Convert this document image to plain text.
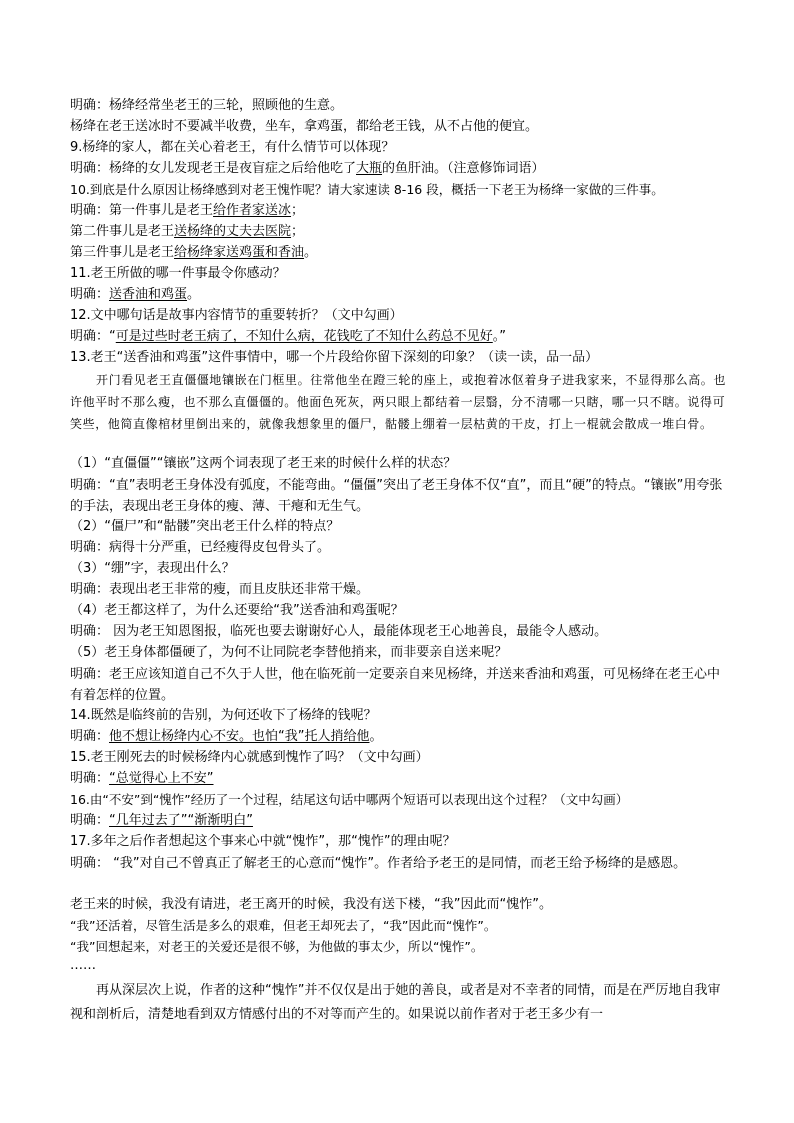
明确：杨绛经常坐老王的三轮，照顾他的生意。
杨绛在老王送冰时不要减半收费，坐车，拿鸡蛋，都给老王钱，从不占他的便宜。
9.杨绛的家人，都在关心着老王，有什么情节可以体现？
明确：杨绛的女儿发现老王是夜盲症之后给他吃了大瓶的鱼肝油。（注意修饰词语）
10.到底是什么原因让杨绛感到对老王愧怍呢？请大家速读 8-16 段，概括一下老王为杨绛一家做的三件事。
明确：第一件事儿是老王给作者家送冰；
第二件事儿是老王送杨绛的丈夫去医院；
第三件事儿是老王给杨绛家送鸡蛋和香油。
11.老王所做的哪一件事最令你感动？
明确：送香油和鸡蛋。
12.文中哪句话是故事内容情节的重要转折？（文中勾画）
明确：“可是过些时老王病了，不知什么病，花钱吃了不知什么药总不见好。”
13.老王“送香油和鸡蛋”这件事情中，哪一个片段给你留下深刻的印象？（读一读，品一品）
开门看见老王直僵僵地镶嵌在门框里。往常他坐在蹬三轮的座上，或抱着冰伛着身子进我家来，不显得那么高。也许他平时不那么瘦，也不那么直僵僵的。他面色死灰，两只眼上都结着一层翳，分不清哪一只瞎，哪一只不瞎。说得可笑些，他简直像棺材里倒出来的，就像我想象里的僵尸，骷髅上绷着一层枯黄的干皮，打上一棍就会散成一堆白骨。
（1）“直僵僵”“镶嵌”这两个词表现了老王来的时候什么样的状态？
明确：“直”表明老王身体没有弧度，不能弯曲。“僵僵”突出了老王身体不仅“直”，而且“硬”的特点。“镶嵌”用夸张的手法，表现出老王身体的瘦、薄、干瘪和无生气。
（2）“僵尸”和“骷髅”突出老王什么样的特点？
明确：病得十分严重，已经瘦得皮包骨头了。
（3）“绷”字，表现出什么？
明确：表现出老王非常的瘦，而且皮肤还非常干燥。
（4）老王都这样了，为什么还要给“我”送香油和鸡蛋呢？
明确： 因为老王知恩图报，临死也要去谢谢好心人，最能体现老王心地善良，最能令人感动。
（5）老王身体都僵硬了，为何不让同院老李替他捎来，而非要亲自送来呢？
明确：老王应该知道自己不久于人世，他在临死前一定要亲自来见杨绛，并送来香油和鸡蛋，可见杨绛在老王心中有着怎样的位置。
14.既然是临终前的告别，为何还收下了杨绛的钱呢？
明确：他不想让杨绛内心不安。也怕“我”托人捎给他。
15.老王刚死去的时候杨绛内心就感到愧怍了吗？（文中勾画）
明确：“总觉得心上不安”
16.由“不安”到“愧怍”经历了一个过程，结尾这句话中哪两个短语可以表现出这个过程？（文中勾画）
明确：“几年过去了”“渐渐明白”
17.多年之后作者想起这个事来心中就“愧怍”，那“愧怍”的理由呢？
明确： “我”对自己不曾真正了解老王的心意而“愧怍”。作者给予老王的是同情，而老王给予杨绛的是感恩。
老王来的时候，我没有请进，老王离开的时候，我没有送下楼，“我”因此而“愧怍”。
“我”还活着，尽管生活是多么的艰难，但老王却死去了，“我”因此而“愧怍”。
“我”回想起来，对老王的关爱还是很不够，为他做的事太少，所以“愧怍”。
……
再从深层次上说，作者的这种“愧怍”并不仅仅是出于她的善良，或者是对不幸者的同情，而是在严厉地自我审视和剖析后，清楚地看到双方情感付出的不对等而产生的。如果说以前作者对于老王多少有一
